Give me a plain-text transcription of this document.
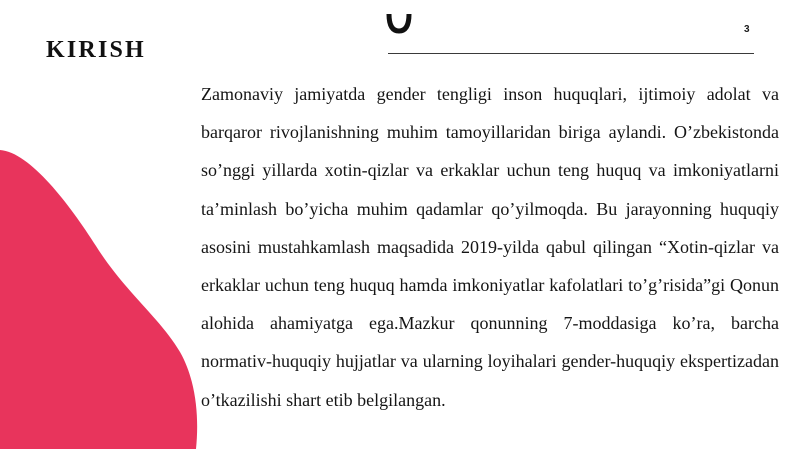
3
KIRISH

Zamonaviy jamiyatda gender tengligi inson huquqlari, ijtimoiy adolat va barqaror rivojlanishning muhim tamoyillaridan biriga aylandi. O’zbekistonda so’nggi yillarda xotin-qizlar va erkaklar uchun teng huquq va imkoniyatlarni ta’minlash bo’yicha muhim qadamlar qo’yilmoqda. Bu jarayonning huquqiy asosini mustahkamlash maqsadida 2019-yilda qabul qilingan “Xotin-qizlar va erkaklar uchun teng huquq hamda imkoniyatlar kafolatlari to’g’risida”gi Qonun alohida ahamiyatga ega.Mazkur qonunning 7-moddasiga ko’ra, barcha normativ-huquqiy hujjatlar va ularning loyihalari gender-huquqiy ekspertizadan o’tkazilishi shart etib belgilangan.
